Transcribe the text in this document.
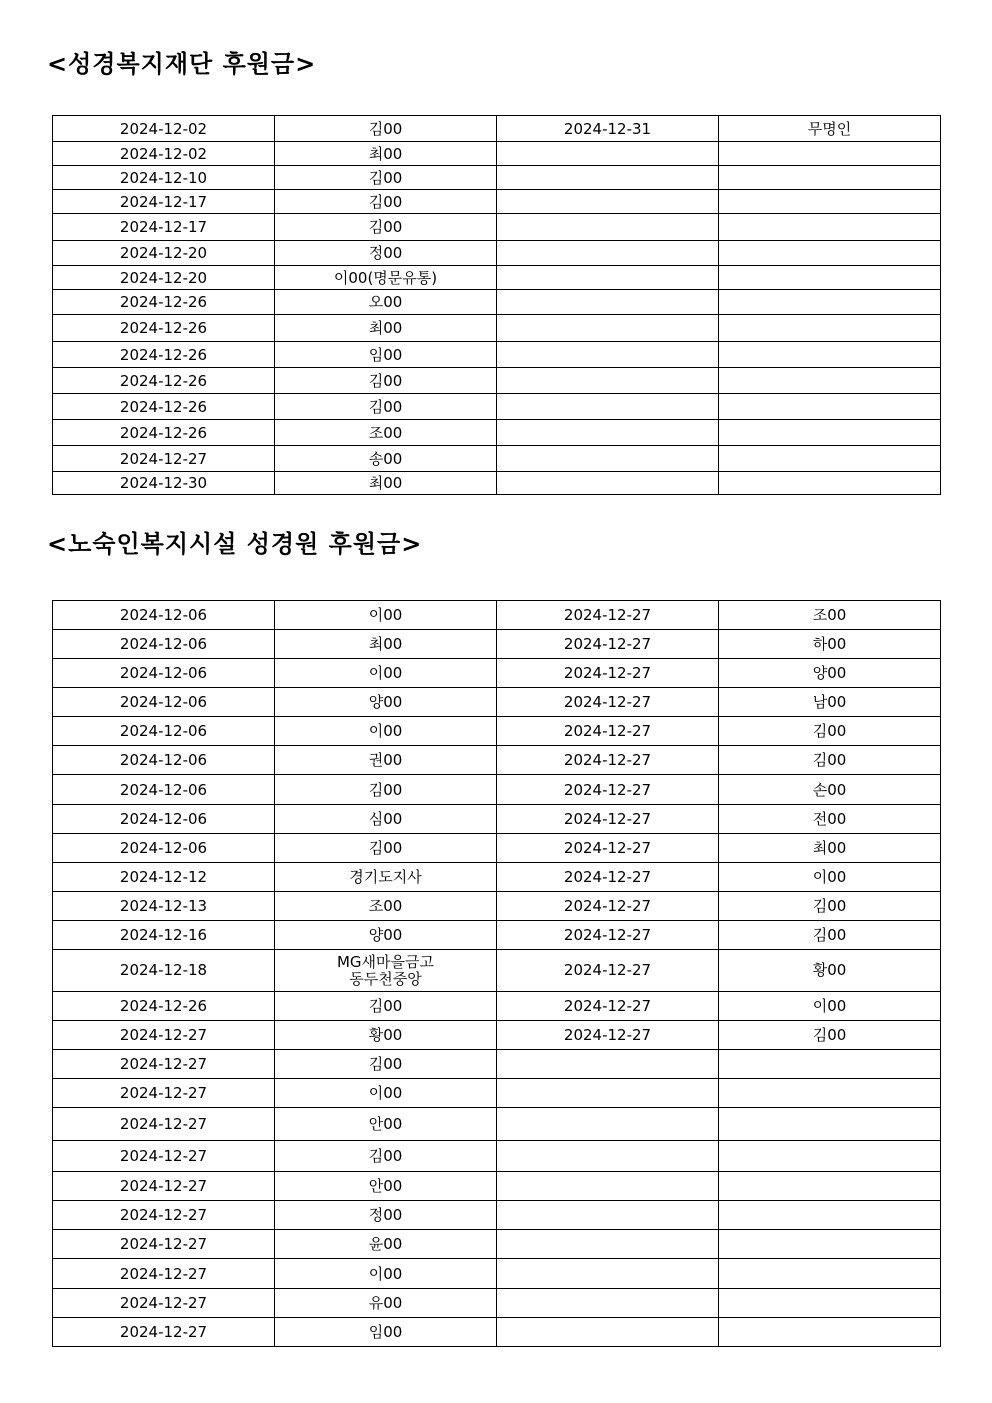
<성경복지재단 후원금>
2024-12-02	김00	2024-12-31	무명인
2024-12-02	최00		
2024-12-10	김00		
2024-12-17	김00		
2024-12-17	김00		
2024-12-20	정00		
2024-12-20	이00(명문유통)		
2024-12-26	오00		
2024-12-26	최00		
2024-12-26	임00		
2024-12-26	김00		
2024-12-26	김00		
2024-12-26	조00		
2024-12-27	송00		
2024-12-30	최00		
<노숙인복지시설 성경원 후원금>
2024-12-06	이00	2024-12-27	조00
2024-12-06	최00	2024-12-27	하00
2024-12-06	이00	2024-12-27	양00
2024-12-06	양00	2024-12-27	남00
2024-12-06	이00	2024-12-27	김00
2024-12-06	권00	2024-12-27	김00
2024-12-06	김00	2024-12-27	손00
2024-12-06	심00	2024-12-27	전00
2024-12-06	김00	2024-12-27	최00
2024-12-12	경기도지사	2024-12-27	이00
2024-12-13	조00	2024-12-27	김00
2024-12-16	양00	2024-12-27	김00
2024-12-18	MG새마을금고
동두천중앙	2024-12-27	황00
2024-12-26	김00	2024-12-27	이00
2024-12-27	황00	2024-12-27	김00
2024-12-27	김00		
2024-12-27	이00		
2024-12-27	안00		
2024-12-27	김00		
2024-12-27	안00		
2024-12-27	정00		
2024-12-27	윤00		
2024-12-27	이00		
2024-12-27	유00		
2024-12-27	임00		
